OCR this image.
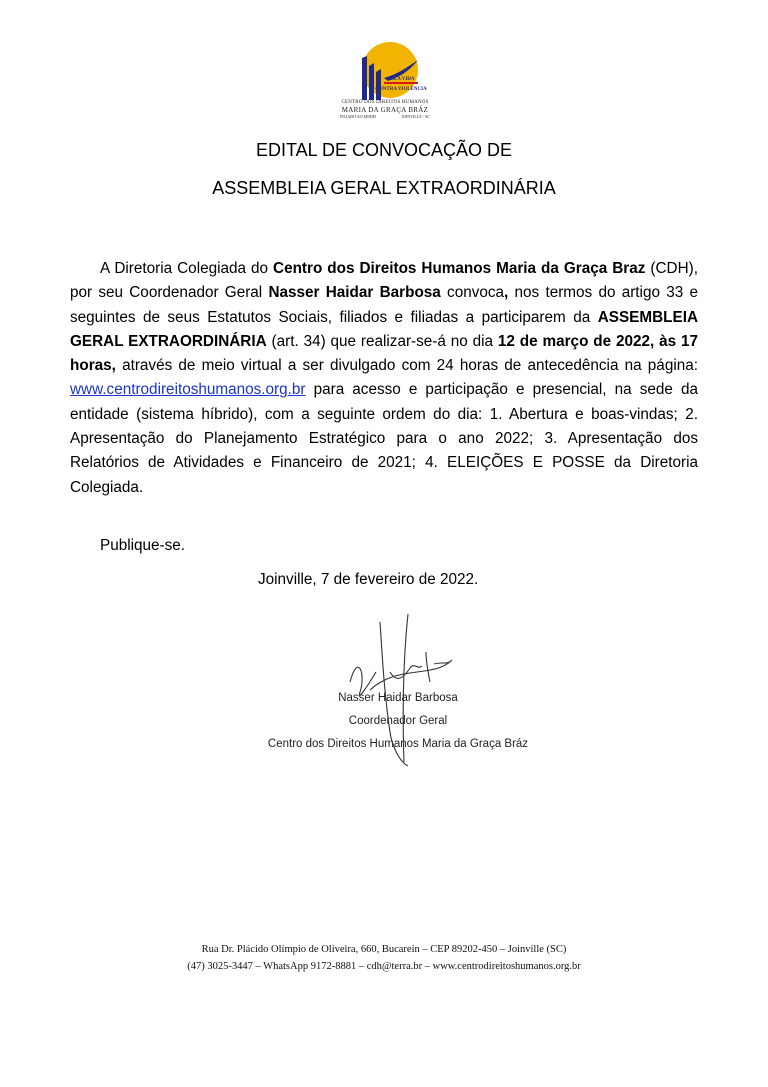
PELA VIDA
CONTRA VIOLÊNCIA
CENTRO DOS DIREITOS HUMANOS
MARIA DA GRAÇA BRÁZ
FILIADO AO MNDH	JOINVILLE - SC
EDITAL DE CONVOCAÇÃO DE
ASSEMBLEIA GERAL EXTRAORDINÁRIA

A Diretoria Colegiada do Centro dos Direitos Humanos Maria da Graça Braz (CDH), por seu Coordenador Geral Nasser Haidar Barbosa convoca, nos termos do artigo 33 e seguintes de seus Estatutos Sociais, filiados e filiadas a participarem da ASSEMBLEIA GERAL EXTRAORDINÁRIA (art. 34) que realizar-se-á no dia 12 de março de 2022, às 17 horas, através de meio virtual a ser divulgado com 24 horas de antecedência na página: www.centrodireitoshumanos.org.br para acesso e participação e presencial, na sede da entidade (sistema híbrido), com a seguinte ordem do dia: 1. Abertura e boas-vindas; 2. Apresentação do Planejamento Estratégico para o ano 2022; 3. Apresentação dos Relatórios de Atividades e Financeiro de 2021; 4. ELEIÇÕES E POSSE da Diretoria Colegiada.

Publique-se.
Joinville, 7 de fevereiro de 2022.
Nasser Haidar Barbosa
Coordenador Geral
Centro dos Direitos Humanos Maria da Graça Bráz
Rua Dr. Plácido Olímpio de Oliveira, 660, Bucarein – CEP 89202-450 – Joinville (SC)
(47) 3025-3447 – WhatsApp 9172-8881 – cdh@terra.br – www.centrodireitoshumanos.org.br
